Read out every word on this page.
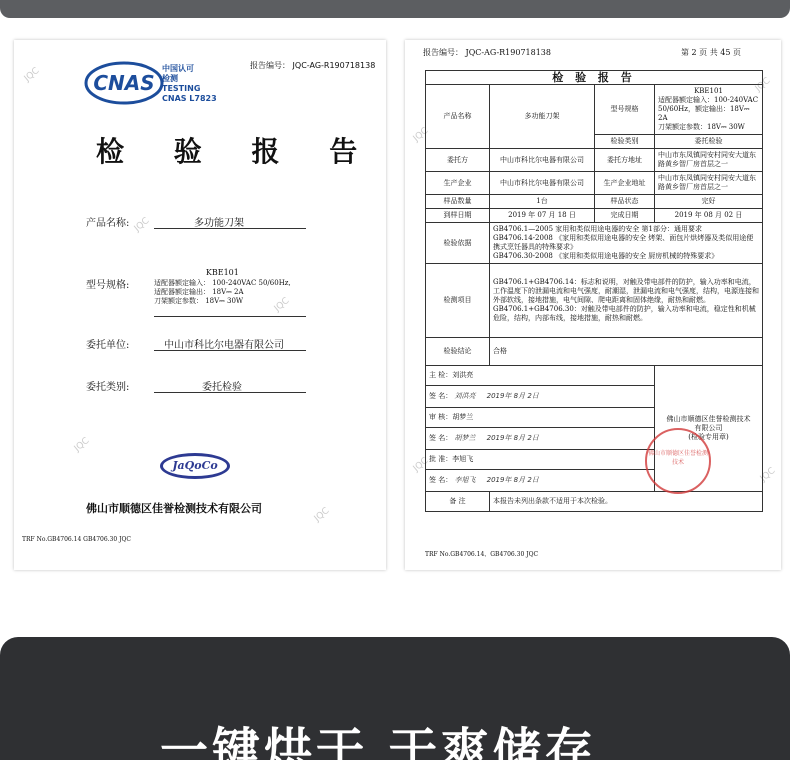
JQC
JQC
JQC
JQC
JQC
CNAS
中国认可
检测
TESTING
CNAS L7823
报告编号： JQC-AG-R190718138
检 验 报 告
产品名称:	多功能刀架
型号规格:
KBE101
适配器额定输入： 100-240VAC 50/60Hz,
适配器额定输出： 18V⎓ 2A
刀架额定参数： 18V⎓ 30W
委托单位:	中山市科比尔电器有限公司
委托类别:	委托检验
JaQoCo
佛山市顺德区佳誉检测技术有限公司
TRF No.GB4706.14 GB4706.30 JQC
JQC
JQC
JQC
JQC
报告编号： JQC-AG-R190718138	第 2 页 共 45 页
检 验 报 告			
产品名称	多功能刀架	型号规格	KBE101
适配器额定输入：100-240VAC
50/60Hz，额定输出：18V⎓ 2A
刀架额定参数：18V⎓ 30W

		检验类别	委托检验
委托方	中山市科比尔电器有限公司	委托方地址	中山市东凤镇同安村同安大道东路黄乡智厂房首层之一
生产企业	中山市科比尔电器有限公司	生产企业地址	中山市东凤镇同安村同安大道东路黄乡智厂房首层之一
样品数量	1台	样品状态	完好
到样日期	2019 年 07 月 18 日	完成日期	2019 年 08 月 02 日
检验依据	GB4706.1—2005 家用和类似用途电器的安全 第1部分：通用要求
GB4706.14-2008 《家用和类似用途电器的安全 烤架、面包片烘烤器及类似用途便携式烹饪器具的特殊要求》
GB4706.30-2008 《家用和类似用途电器的安全 厨房机械的特殊要求》		

检测项目	GB4706.1+GB4706.14：标志和说明，对触及带电部件的防护，输入功率和电流，工作温度下的泄漏电流和电气强度，耐潮湿，泄漏电流和电气强度，结构，电源连接和外部软线，接地措施，电气间隙、爬电距离和固体绝缘，耐热和耐燃。GB4706.1+GB4706.30：对触及带电部件的防护，输入功率和电流，稳定性和机械危险，结构，内部布线，接地措施，耐热和耐燃。		
检验结论	合格		
主 检：刘洪亮			佛山市顺德区佳誉检测技术
有限公司
(检验专用章)

签 名： 刘洪亮 2019年 8月 2日			
审 核：胡梦兰			
签 名： 胡梦兰 2019年 8月 2日			
批 准：李旭飞			
签 名： 李旭飞 2019年 8月 2日			
备 注	本报告未列出条款不适用于本次检验。		
佛山市顺德区佳誉检测技术
TRF No.GB4706.14、GB4706.30 JQC
一键烘干 干爽储存
